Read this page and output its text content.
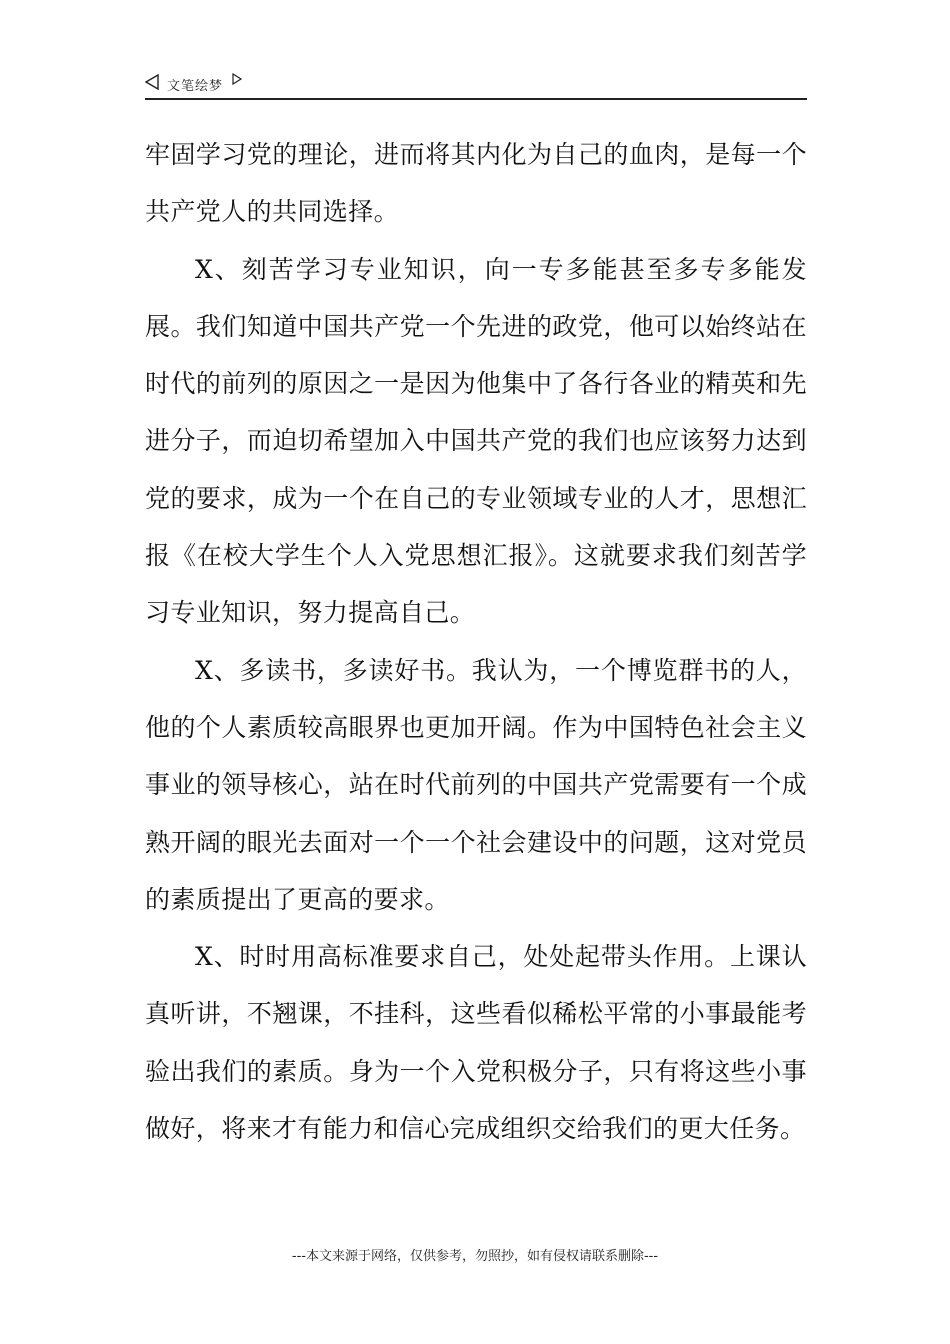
文笔绘梦

牢固学习党的理论，进而将其内化为自己的血肉，是每一个共产党人的共同选择。

X、刻苦学习专业知识，向一专多能甚至多专多能发展。我们知道中国共产党一个先进的政党，他可以始终站在时代的前列的原因之一是因为他集中了各行各业的精英和先进分子，而迫切希望加入中国共产党的我们也应该努力达到党的要求，成为一个在自己的专业领域专业的人才，思想汇报《在校大学生个人入党思想汇报》。这就要求我们刻苦学习专业知识，努力提高自己。

X、多读书，多读好书。我认为，一个博览群书的人，他的个人素质较高眼界也更加开阔。作为中国特色社会主义事业的领导核心，站在时代前列的中国共产党需要有一个成熟开阔的眼光去面对一个一个社会建设中的问题，这对党员的素质提出了更高的要求。

X、时时用高标准要求自己，处处起带头作用。上课认真听讲，不翘课，不挂科，这些看似稀松平常的小事最能考验出我们的素质。身为一个入党积极分子，只有将这些小事做好，将来才有能力和信心完成组织交给我们的更大任务。

---本文来源于网络，仅供参考，勿照抄，如有侵权请联系删除---
